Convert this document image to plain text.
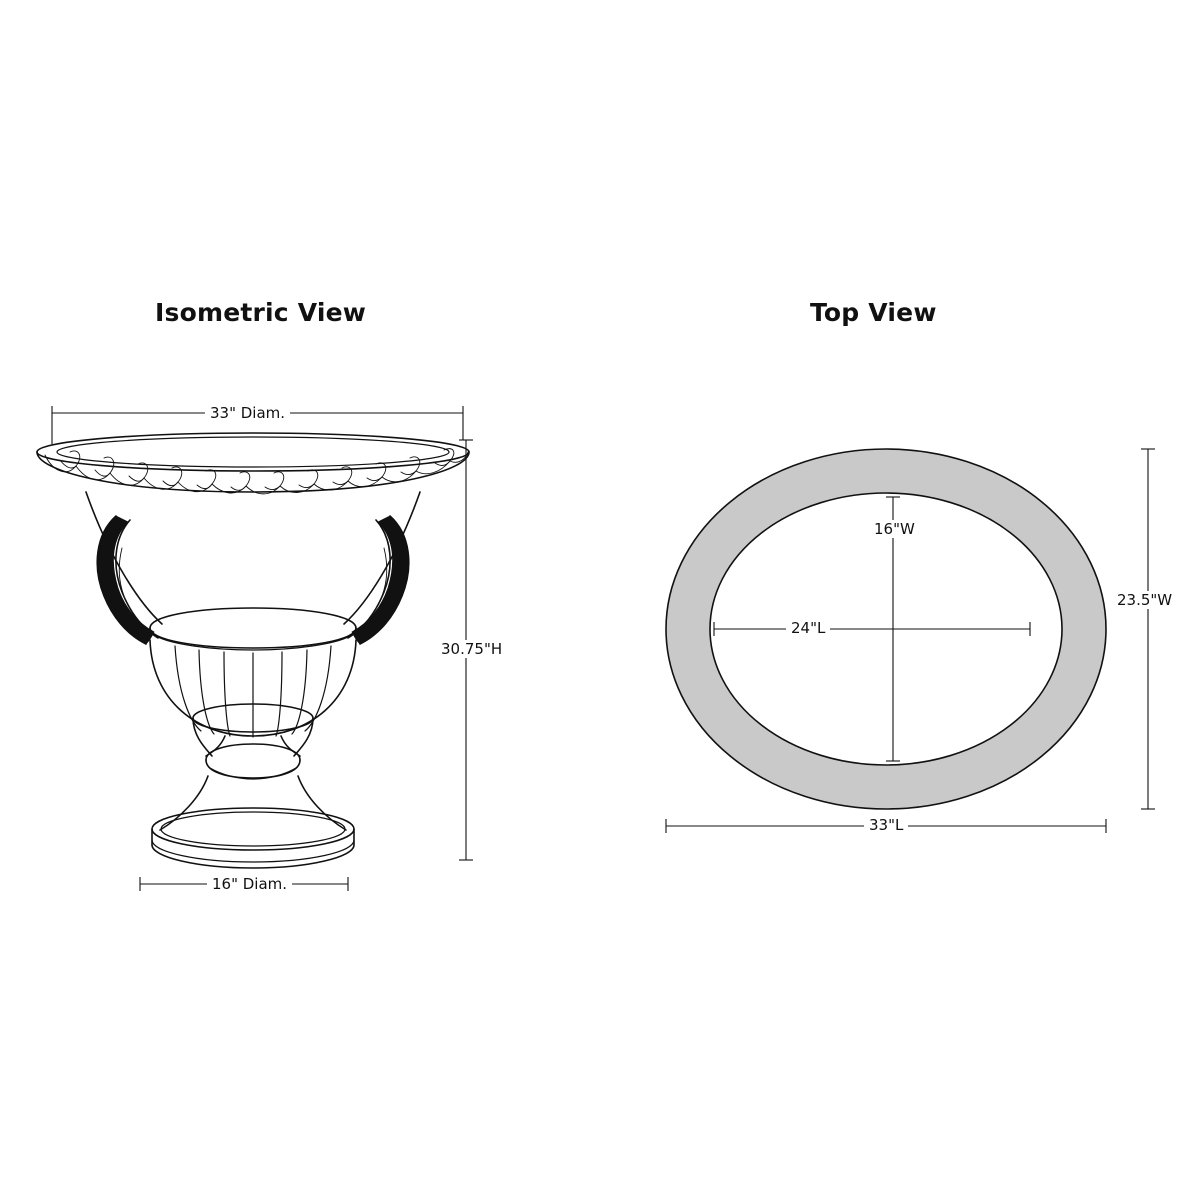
Isometric View	Top View
33" Diam.
30.75"H
16" Diam.
16"W
24"L
23.5"W
33"L
